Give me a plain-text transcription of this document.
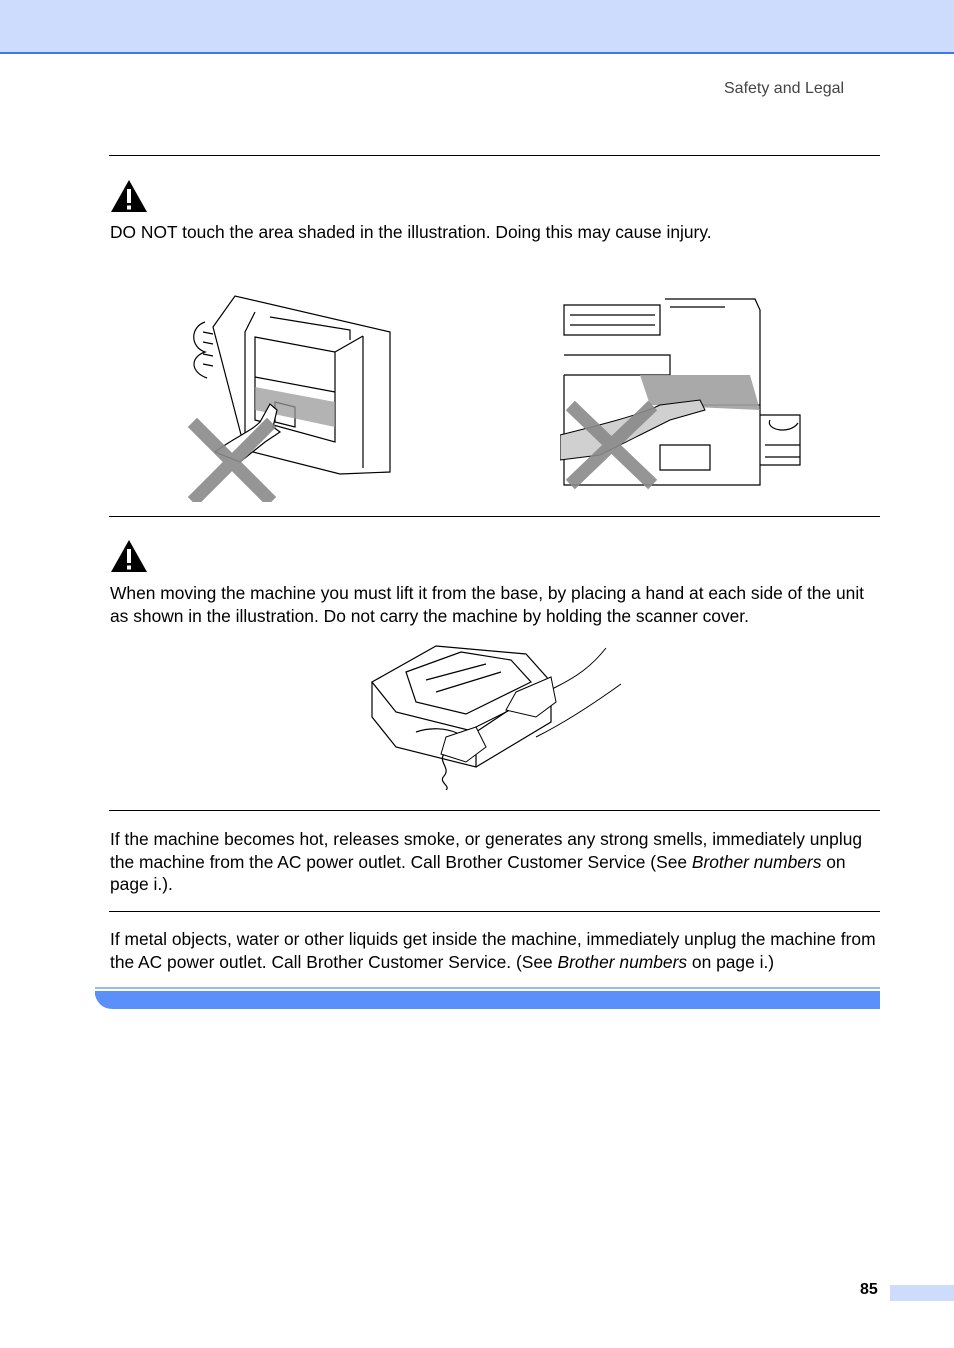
Safety and Legal
DO NOT touch the area shaded in the illustration. Doing this may cause injury.
When moving the machine you must lift it from the base, by placing a hand at each side of the unit as shown in the illustration. Do not carry the machine by holding the scanner cover.
If the machine becomes hot, releases smoke, or generates any strong smells, immediately unplug the machine from the AC power outlet. Call Brother Customer Service (See Brother numbers on page i.).
If metal objects, water or other liquids get inside the machine, immediately unplug the machine from the AC power outlet. Call Brother Customer Service. (See Brother numbers on page i.)
85
